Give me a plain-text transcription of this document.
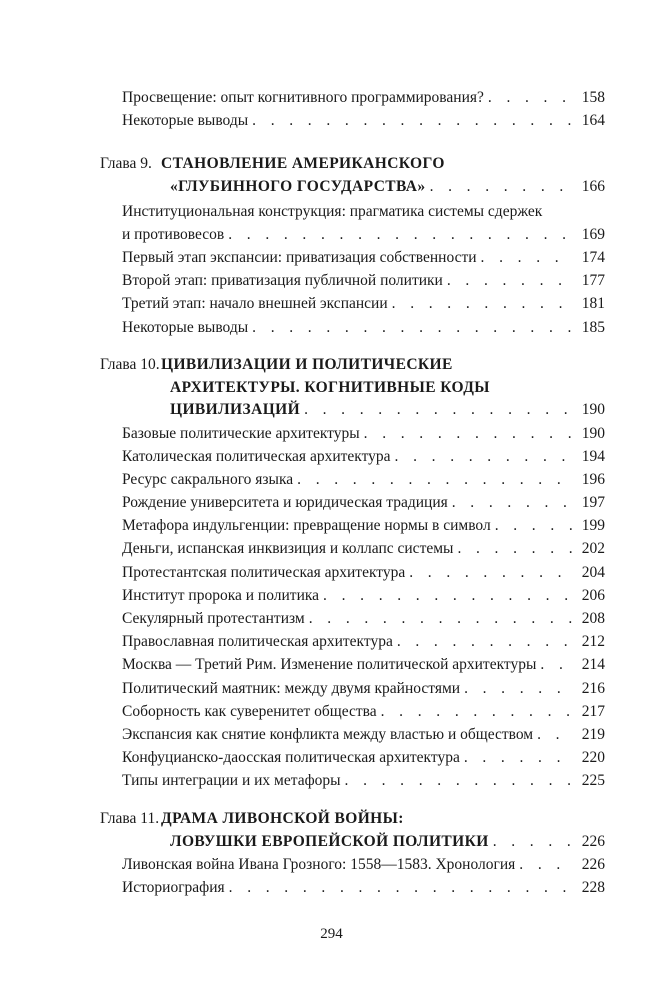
Просвещение: опыт когнитивного программирования? . . .	158
Некоторые выводы . . .	164
Глава 9. СТАНОВЛЕНИЕ АМЕРИКАНСКОГО
«ГЛУБИННОГО ГОСУДАРСТВА» . . .	166
Институциональная конструкция: прагматика системы сдержек
и противовесов . . .	169
Первый этап экспансии: приватизация собственности . . .	174
Второй этап: приватизация публичной политики . . .	177
Третий этап: начало внешней экспансии . . .	181
Некоторые выводы . . .	185
Глава 10. ЦИВИЛИЗАЦИИ И ПОЛИТИЧЕСКИЕ
АРХИТЕКТУРЫ. КОГНИТИВНЫЕ КОДЫ
ЦИВИЛИЗАЦИЙ . . .	190
Базовые политические архитектуры . . .	190
Католическая политическая архитектура . . .	194
Ресурс сакрального языка . . .	196
Рождение университета и юридическая традиция . . .	197
Метафора индульгенции: превращение нормы в символ . . .	199
Деньги, испанская инквизиция и коллапс системы . . .	202
Протестантская политическая архитектура . . .	204
Институт пророка и политика . . .	206
Секулярный протестантизм . . .	208
Православная политическая архитектура . . .	212
Москва — Третий Рим. Изменение политической архитектуры . . .	214
Политический маятник: между двумя крайностями . . .	216
Соборность как суверенитет общества . . .	217
Экспансия как снятие конфликта между властью и обществом . . .	219
Конфуцианско-даосская политическая архитектура . . .	220
Типы интеграции и их метафоры . . .	225
Глава 11. ДРАМА ЛИВОНСКОЙ ВОЙНЫ:
ЛОВУШКИ ЕВРОПЕЙСКОЙ ПОЛИТИКИ . . .	226
Ливонская война Ивана Грозного: 1558—1583. Хронология . . .	226
Историография . . .	228
294
